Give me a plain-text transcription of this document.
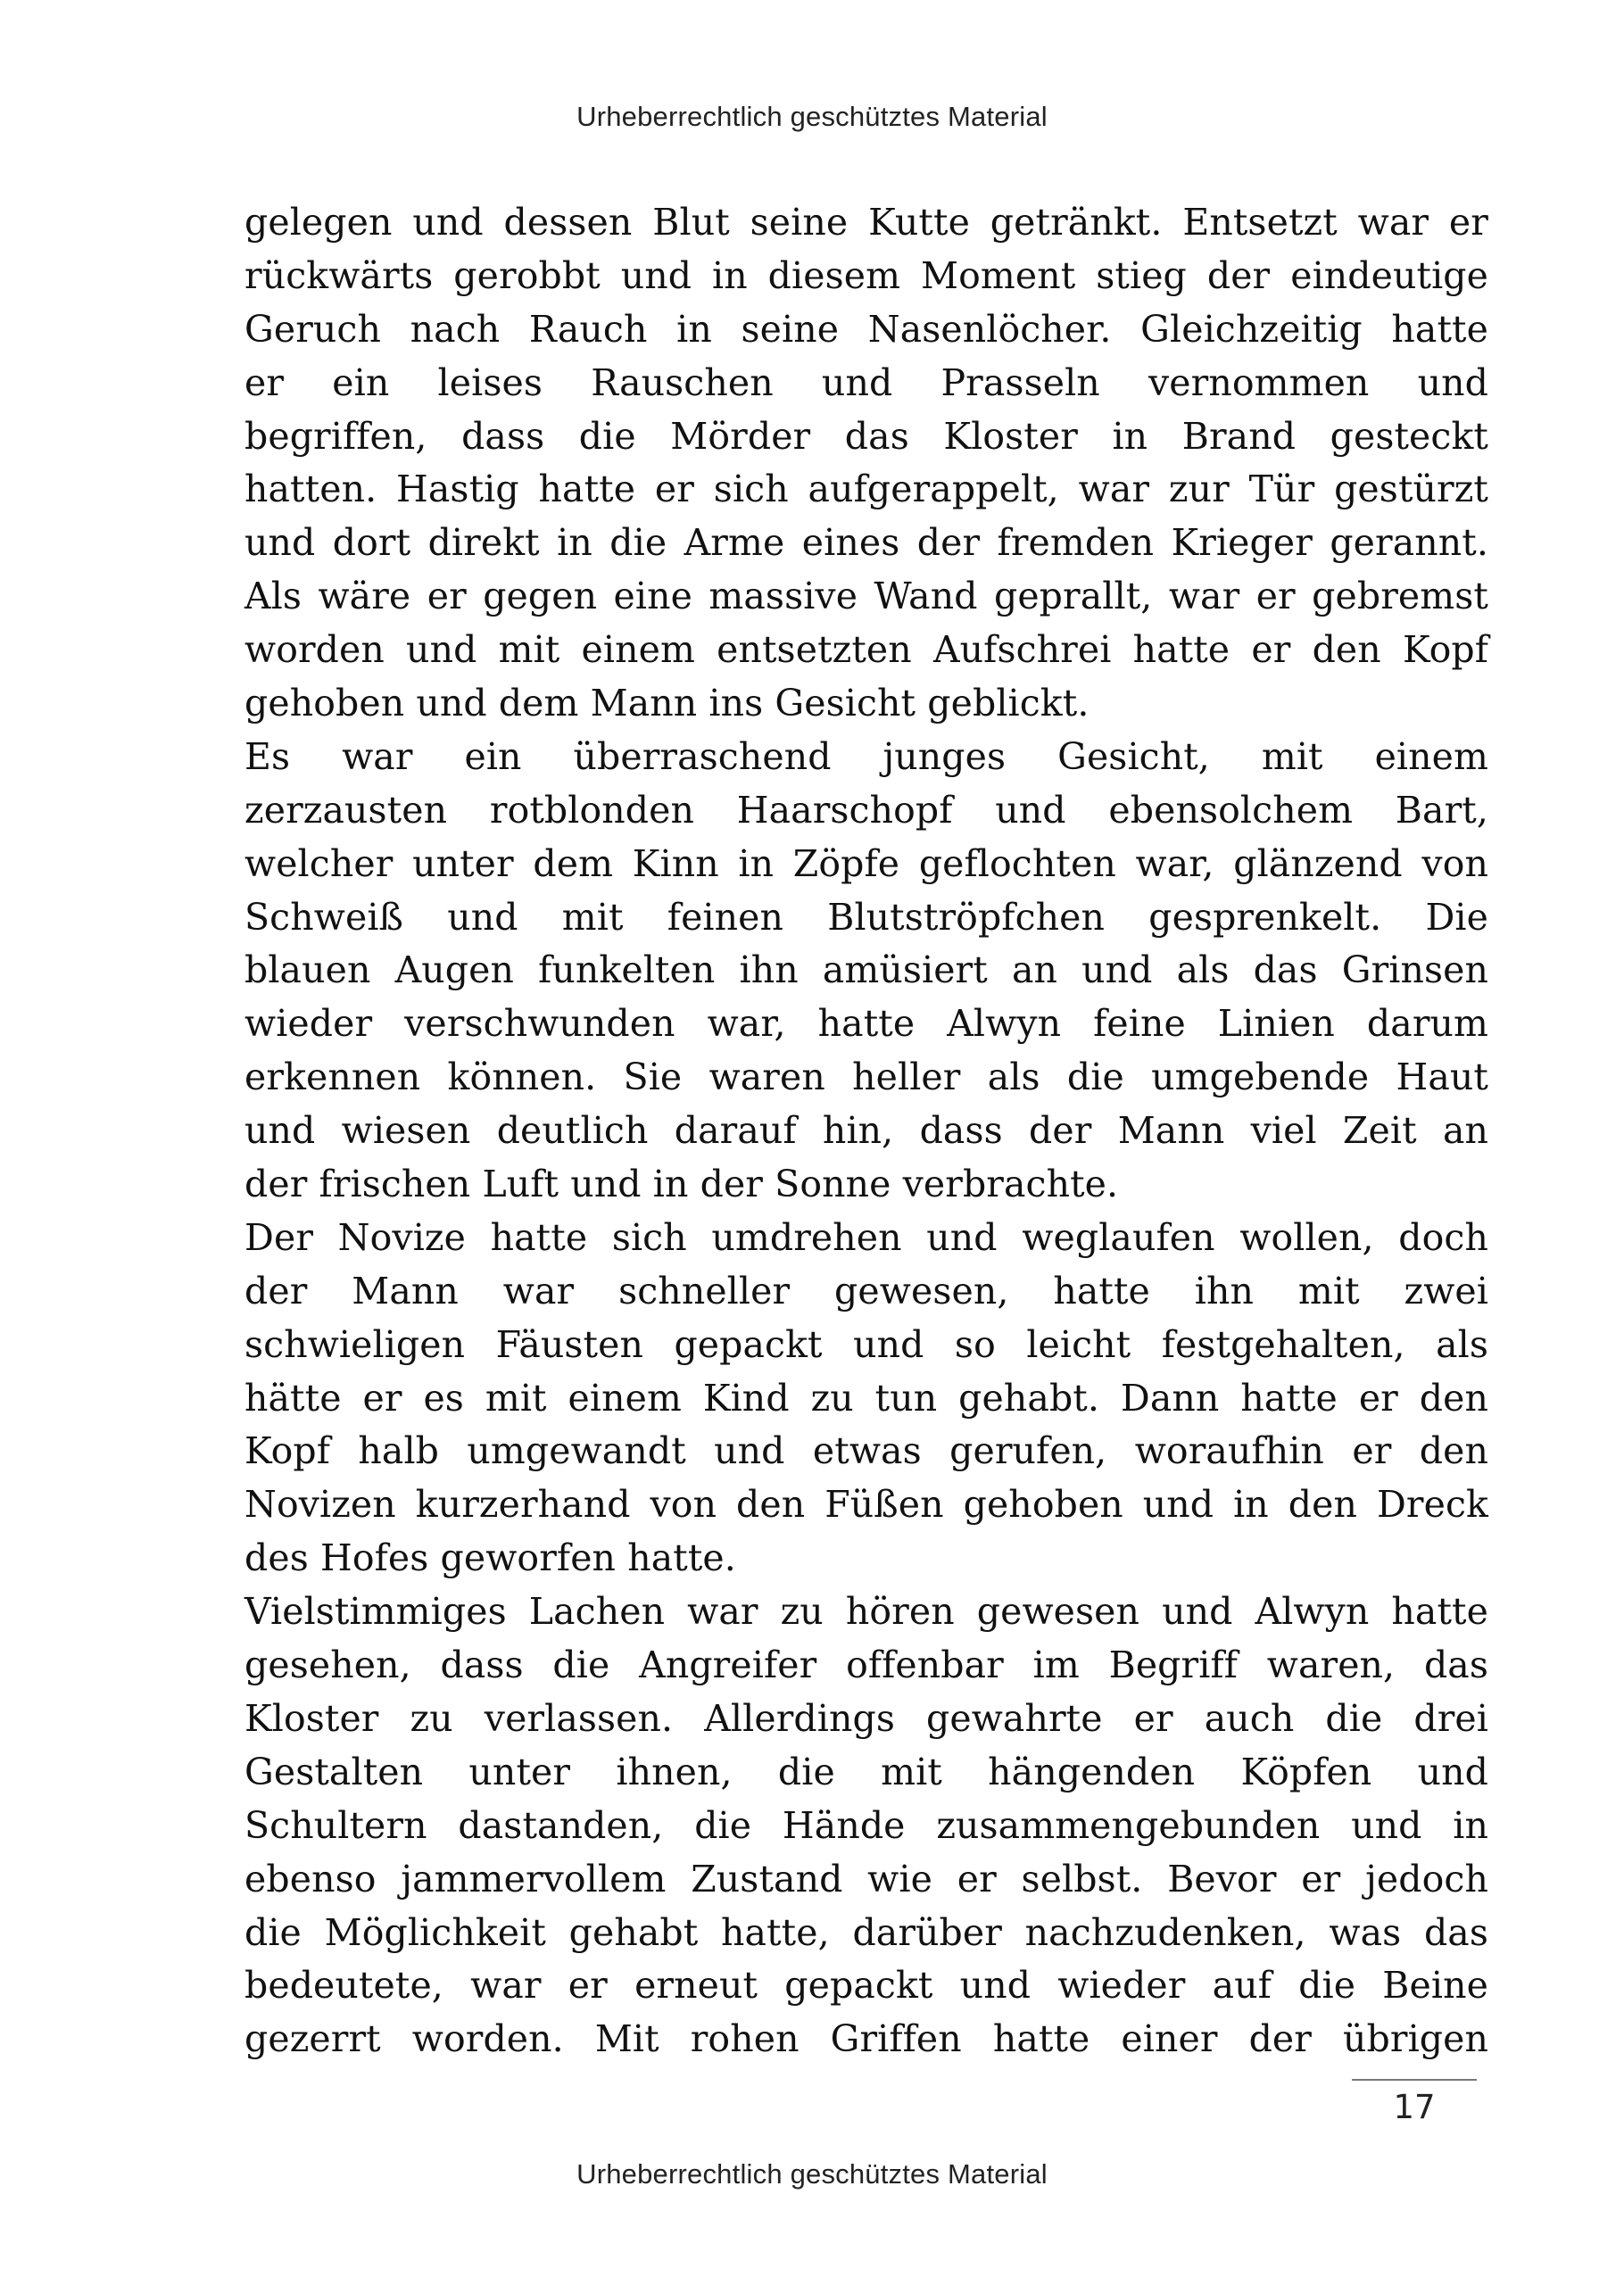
Urheberrechtlich geschütztes Material

gelegen und dessen Blut seine Kutte getränkt. Entsetzt war er
rückwärts gerobbt und in diesem Moment stieg der eindeutige
Geruch nach Rauch in seine Nasenlöcher. Gleichzeitig hatte
er ein leises Rauschen und Prasseln vernommen und
begriffen, dass die Mörder das Kloster in Brand gesteckt
hatten. Hastig hatte er sich aufgerappelt, war zur Tür gestürzt
und dort direkt in die Arme eines der fremden Krieger gerannt.
Als wäre er gegen eine massive Wand geprallt, war er gebremst
worden und mit einem entsetzten Aufschrei hatte er den Kopf
gehoben und dem Mann ins Gesicht geblickt.

Es war ein überraschend junges Gesicht, mit einem
zerzausten rotblonden Haarschopf und ebensolchem Bart,
welcher unter dem Kinn in Zöpfe geflochten war, glänzend von
Schweiß und mit feinen Blutströpfchen gesprenkelt. Die
blauen Augen funkelten ihn amüsiert an und als das Grinsen
wieder verschwunden war, hatte Alwyn feine Linien darum
erkennen können. Sie waren heller als die umgebende Haut
und wiesen deutlich darauf hin, dass der Mann viel Zeit an
der frischen Luft und in der Sonne verbrachte.

Der Novize hatte sich umdrehen und weglaufen wollen, doch
der Mann war schneller gewesen, hatte ihn mit zwei
schwieligen Fäusten gepackt und so leicht festgehalten, als
hätte er es mit einem Kind zu tun gehabt. Dann hatte er den
Kopf halb umgewandt und etwas gerufen, woraufhin er den
Novizen kurzerhand von den Füßen gehoben und in den Dreck
des Hofes geworfen hatte.

Vielstimmiges Lachen war zu hören gewesen und Alwyn hatte
gesehen, dass die Angreifer offenbar im Begriff waren, das
Kloster zu verlassen. Allerdings gewahrte er auch die drei
Gestalten unter ihnen, die mit hängenden Köpfen und
Schultern dastanden, die Hände zusammengebunden und in
ebenso jammervollem Zustand wie er selbst. Bevor er jedoch
die Möglichkeit gehabt hatte, darüber nachzudenken, was das
bedeutete, war er erneut gepackt und wieder auf die Beine
gezerrt worden. Mit rohen Griffen hatte einer der übrigen

17
Urheberrechtlich geschütztes Material
